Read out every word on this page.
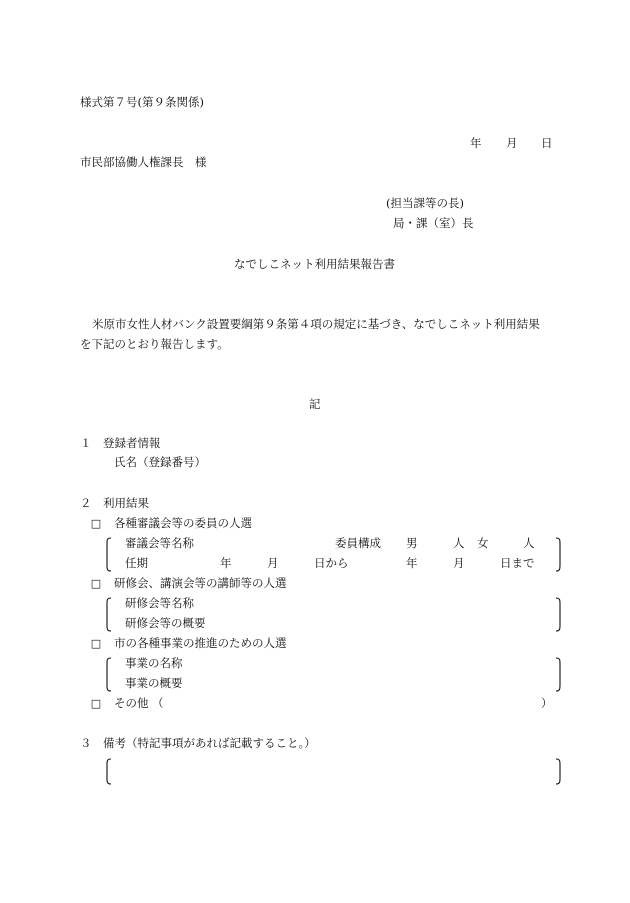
様式第７号(第９条関係)
年 月 日
市民部協働人権課長　様
(担当課等の長)
局・課（室）長
なでしこネット利用結果報告書
米原市女性人材バンク設置要綱第９条第４項の規定に基づき、なでしこネット利用結果
を下記のとおり報告します。
記
１　登録者情報
氏名（登録番号）
２　利用結果
□ 各種審議会等の委員の人選
審議会等名称	委員構成 男	人 女	人
任期	年	月	日から	年	月	日まで
□ 研修会、講演会等の講師等の人選
研修会等名称
研修会等の概要
□ 市の各種事業の推進のための人選
事業の名称
事業の概要
□ その他 （	）
３　備考（特記事項があれば記載すること。）
